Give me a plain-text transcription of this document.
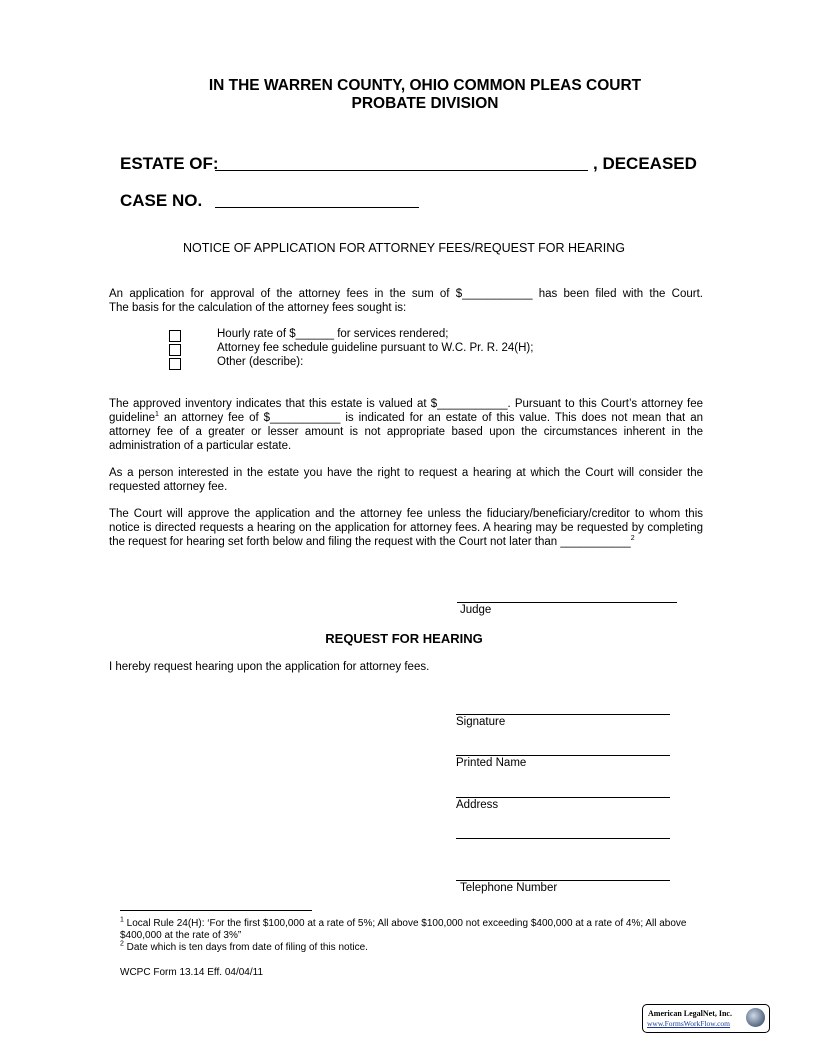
IN THE WARREN COUNTY, OHIO COMMON PLEAS COURT
PROBATE DIVISION
ESTATE OF:	, DECEASED
CASE NO.
NOTICE OF APPLICATION FOR ATTORNEY FEES/REQUEST FOR HEARING
An application for approval of the attorney fees in the sum of $___________ has been filed with the Court.
The basis for the calculation of the attorney fees sought is:
Hourly rate of $______ for services rendered;
Attorney fee schedule guideline pursuant to W.C. Pr. R. 24(H);
Other (describe):
The approved inventory indicates that this estate is valued at $___________. Pursuant to this Court’s attorney fee guideline$^1$ an attorney fee of $___________ is indicated for an estate of this value. This does not mean that an attorney fee of a greater or lesser amount is not appropriate based upon the circumstances inherent in the administration of a particular estate.
As a person interested in the estate you have the right to request a hearing at which the Court will consider the requested attorney fee.
The Court will approve the application and the attorney fee unless the fiduciary/beneficiary/creditor to whom this notice is directed requests a hearing on the application for attorney fees. A hearing may be requested by completing the request for hearing set forth below and filing the request with the Court not later than ___________$^2$
Judge
REQUEST FOR HEARING
I hereby request hearing upon the application for attorney fees.
Signature
Printed Name
Address
Telephone Number
$^1$ Local Rule 24(H): ‘For the first $100,000 at a rate of 5%; All above $100,000 not exceeding $400,000 at a rate of 4%; All above $400,000 at the rate of 3%”
$^2$ Date which is ten days from date of filing of this notice.
WCPC Form 13.14 Eff. 04/04/11
American LegalNet, Inc.
www.FormsWorkFlow.com
